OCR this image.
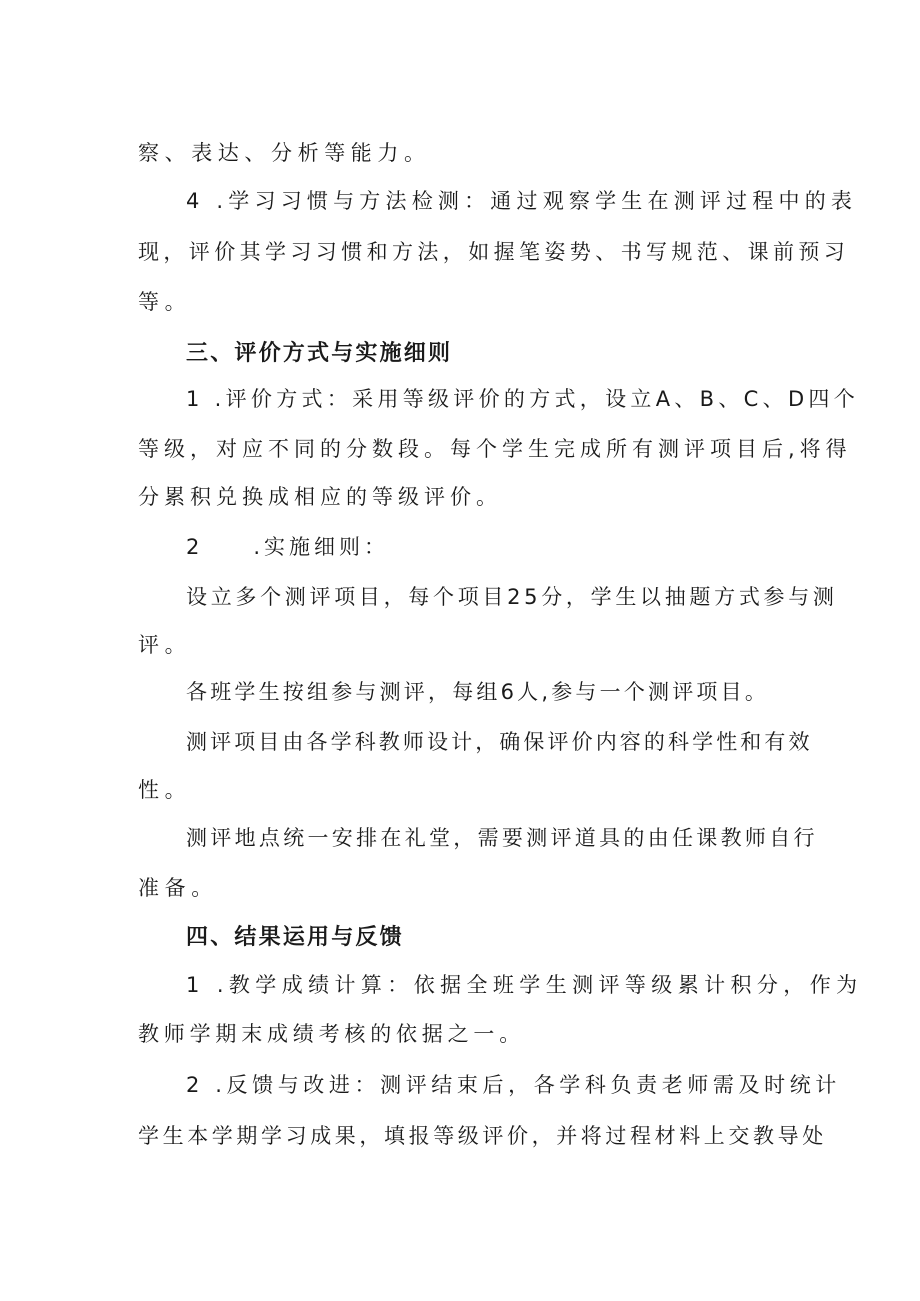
察、表达、分析等能力。
4 .学习习惯与方法检测：通过观察学生在测评过程中的表
现，评价其学习习惯和方法，如握笔姿势、书写规范、课前预习
等。
三、评价方式与实施细则
1 .评价方式：采用等级评价的方式，设立A、B、C、D四个
等级，对应不同的分数段。每个学生完成所有测评项目后,将得
分累积兑换成相应的等级评价。
2　　.实施细则：
设立多个测评项目，每个项目25分，学生以抽题方式参与测
评。
各班学生按组参与测评，每组6人,参与一个测评项目。
测评项目由各学科教师设计，确保评价内容的科学性和有效
性。
测评地点统一安排在礼堂，需要测评道具的由任课教师自行
准备。
四、结果运用与反馈
1 .教学成绩计算：依据全班学生测评等级累计积分，作为
教师学期末成绩考核的依据之一。
2 .反馈与改进：测评结束后，各学科负责老师需及时统计
学生本学期学习成果，填报等级评价，并将过程材料上交教导处
